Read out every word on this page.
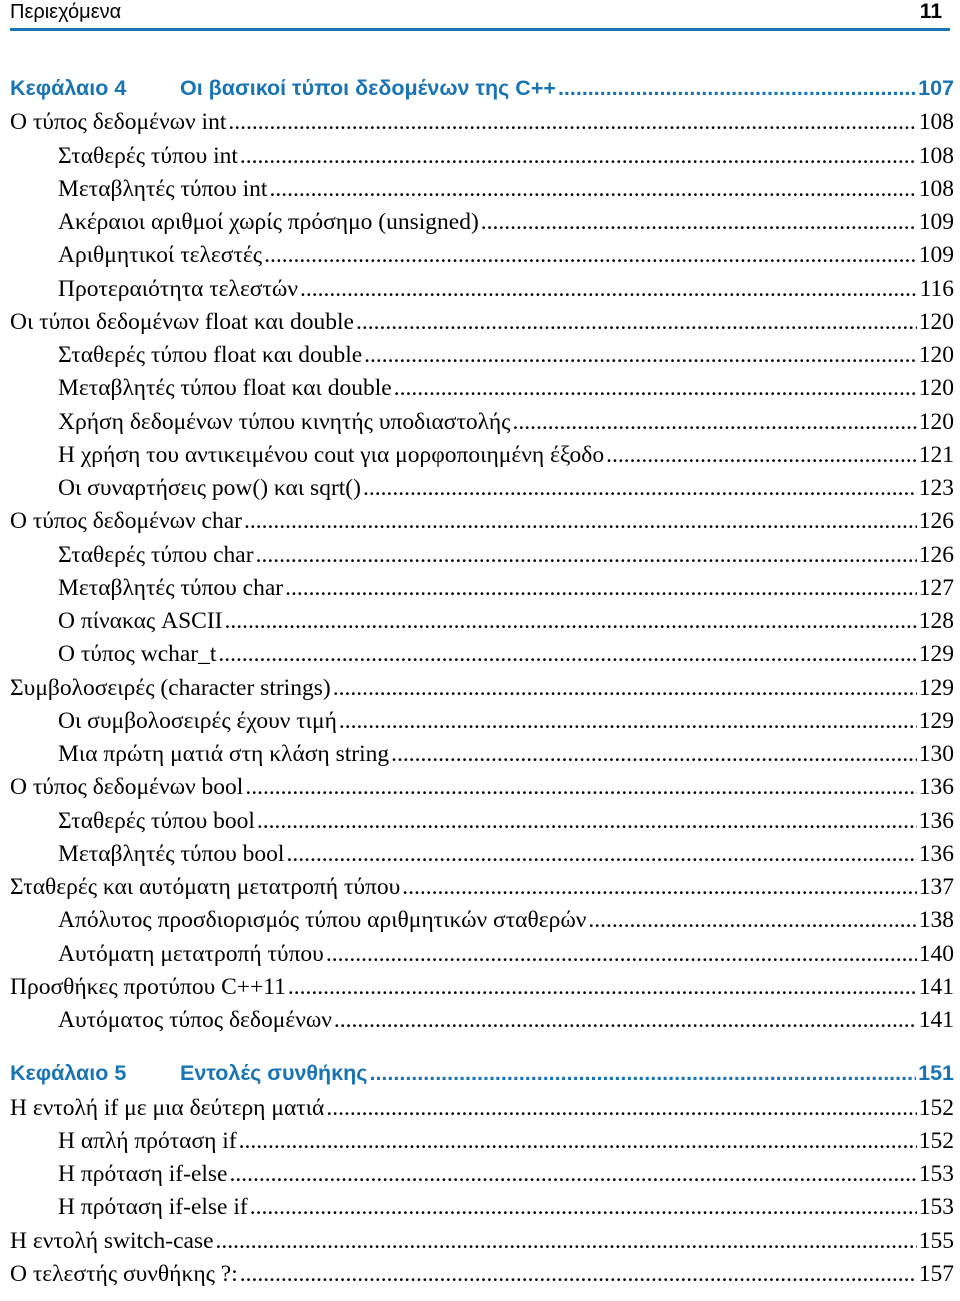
Περιεχόμενα	11
Κεφάλαιο 4 Οι βασικοί τύποι δεδομένων της C++ .....	107
Ο τύπος δεδομένων int .....	108
Σταθερές τύπου int .....	108
Μεταβλητές τύπου int .....	108
Ακέραιοι αριθμοί χωρίς πρόσημο (unsigned) .....	109
Αριθμητικοί τελεστές .....	109
Προτεραιότητα τελεστών .....	116
Οι τύποι δεδομένων float και double .....	120
Σταθερές τύπου float και double .....	120
Μεταβλητές τύπου float και double .....	120
Χρήση δεδομένων τύπου κινητής υποδιαστολής .....	120
Η χρήση του αντικειμένου cout για μορφοποιημένη έξοδο .....	121
Οι συναρτήσεις pow() και sqrt() .....	123
Ο τύπος δεδομένων char .....	126
Σταθερές τύπου char .....	126
Μεταβλητές τύπου char .....	127
Ο πίνακας ASCII .....	128
Ο τύπος wchar_t .....	129
Συμβολοσειρές (character strings) .....	129
Οι συμβολοσειρές έχουν τιμή .....	129
Μια πρώτη ματιά στη κλάση string .....	130
Ο τύπος δεδομένων bool .....	136
Σταθερές τύπου bool .....	136
Μεταβλητές τύπου bool .....	136
Σταθερές και αυτόματη μετατροπή τύπου .....	137
Απόλυτος προσδιορισμός τύπου αριθμητικών σταθερών .....	138
Αυτόματη μετατροπή τύπου .....	140
Προσθήκες προτύπου C++11 .....	141
Αυτόματος τύπος δεδομένων .....	141
Κεφάλαιο 5 Εντολές συνθήκης .....	151
Η εντολή if με μια δεύτερη ματιά .....	152
Η απλή πρόταση if .....	152
Η πρόταση if-else .....	153
Η πρόταση if-else if .....	153
Η εντολή switch-case .....	155
Ο τελεστής συνθήκης ?: .....	157
